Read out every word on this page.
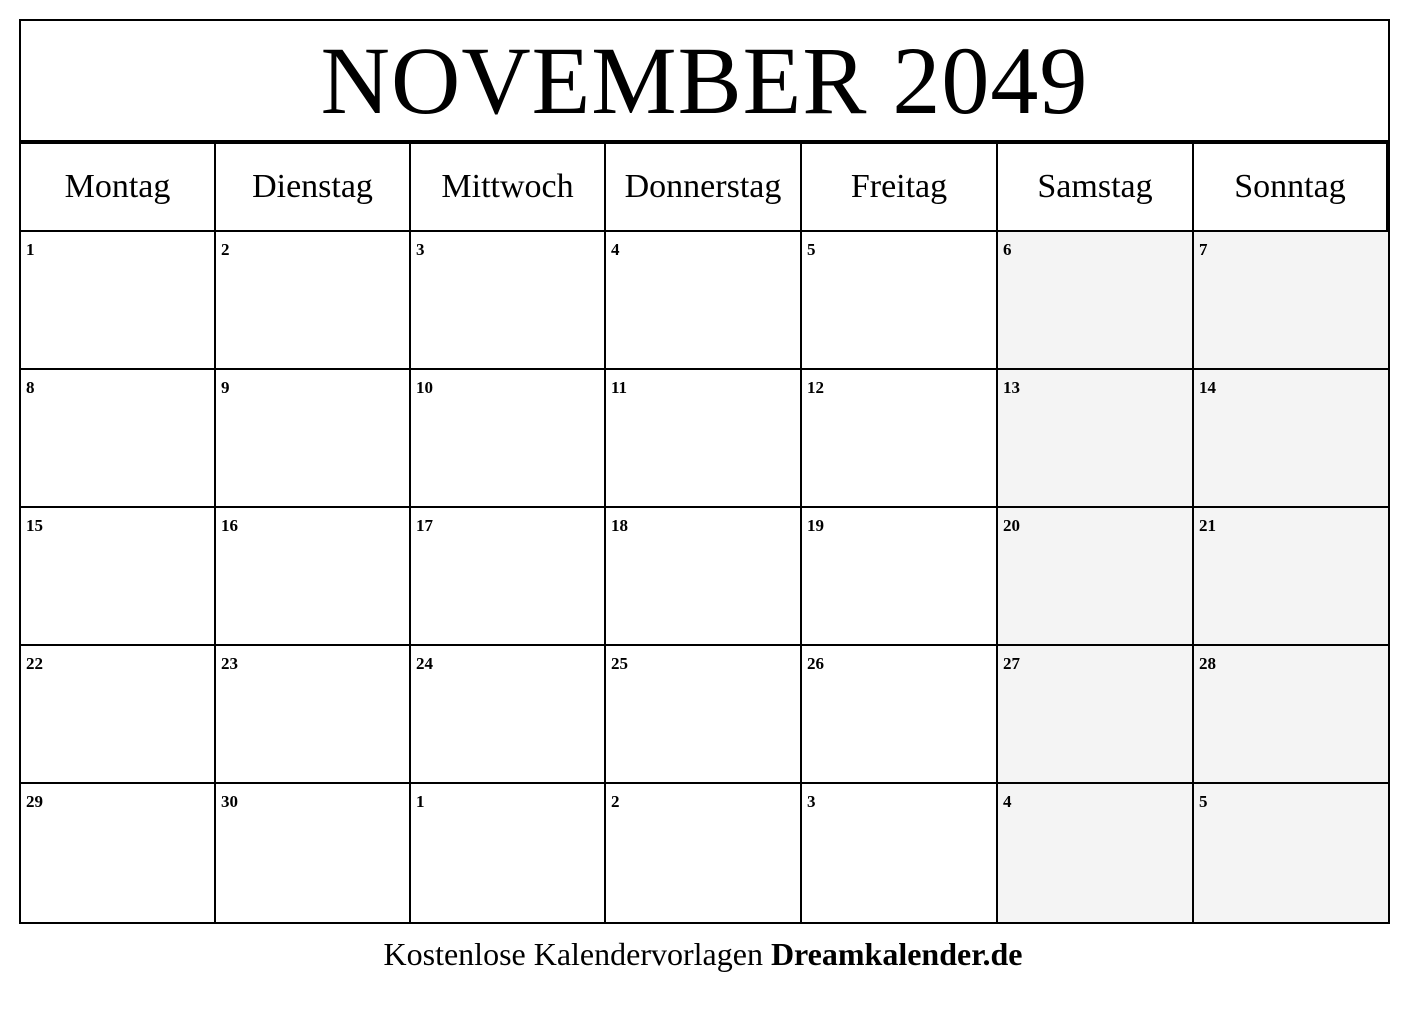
NOVEMBER 2049
Montag	Dienstag	Mittwoch	Donnerstag	Freitag	Samstag	Sonntag
1	2	3	4	5	6	7
8	9	10	11	12	13	14
15	16	17	18	19	20	21
22	23	24	25	26	27	28
29	30	1	2	3	4	5
Kostenlose Kalendervorlagen Dreamkalender.de
